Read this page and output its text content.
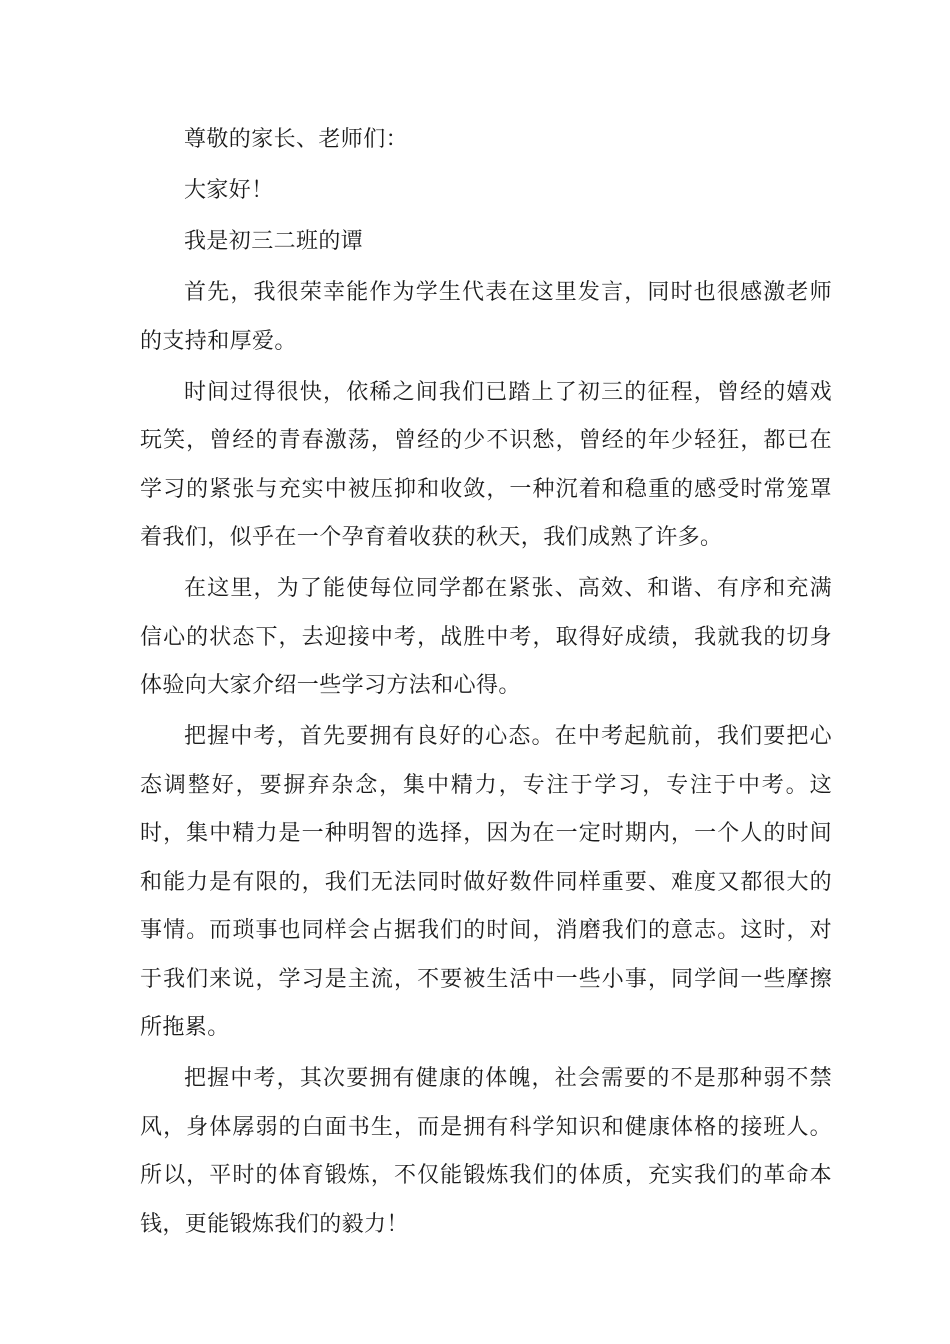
尊敬的家长、老师们：

大家好！

我是初三二班的谭

首先，我很荣幸能作为学生代表在这里发言，同时也很感激老师的支持和厚爱。

时间过得很快，依稀之间我们已踏上了初三的征程，曾经的嬉戏玩笑，曾经的青春激荡，曾经的少不识愁，曾经的年少轻狂，都已在学习的紧张与充实中被压抑和收敛，一种沉着和稳重的感受时常笼罩着我们，似乎在一个孕育着收获的秋天，我们成熟了许多。

在这里，为了能使每位同学都在紧张、高效、和谐、有序和充满信心的状态下，去迎接中考，战胜中考，取得好成绩，我就我的切身体验向大家介绍一些学习方法和心得。

把握中考，首先要拥有良好的心态。在中考起航前，我们要把心态调整好，要摒弃杂念，集中精力，专注于学习，专注于中考。这时，集中精力是一种明智的选择，因为在一定时期内，一个人的时间和能力是有限的，我们无法同时做好数件同样重要、难度又都很大的事情。而琐事也同样会占据我们的时间，消磨我们的意志。这时，对于我们来说，学习是主流，不要被生活中一些小事，同学间一些摩擦所拖累。

把握中考，其次要拥有健康的体魄，社会需要的不是那种弱不禁风，身体孱弱的白面书生，而是拥有科学知识和健康体格的接班人。所以，平时的体育锻炼，不仅能锻炼我们的体质，充实我们的革命本钱，更能锻炼我们的毅力！
